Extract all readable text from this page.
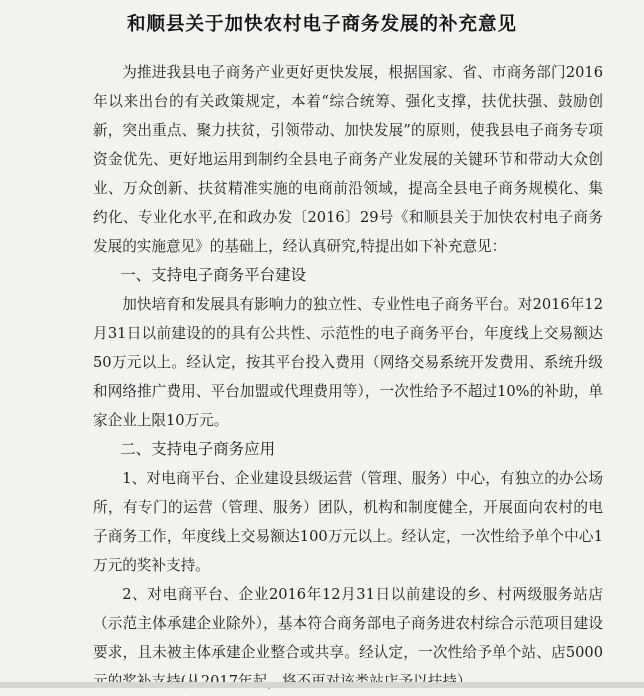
和顺县关于加快农村电子商务发展的补充意见

为推进我县电子商务产业更好更快发展，根据国家、省、市商务部门2016年以来出台的有关政策规定，本着“综合统筹、强化支撑，扶优扶强、鼓励创新，突出重点、聚力扶贫，引领带动、加快发展”的原则，使我县电子商务专项资金优先、更好地运用到制约全县电子商务产业发展的关键环节和带动大众创业、万众创新、扶贫精准实施的电商前沿领域，提高全县电子商务规模化、集约化、专业化水平,在和政办发〔2016〕29号《和顺县关于加快农村电子商务发展的实施意见》的基础上，经认真研究,特提出如下补充意见：

一、支持电子商务平台建设

加快培育和发展具有影响力的独立性、专业性电子商务平台。对2016年12月31日以前建设的的具有公共性、示范性的电子商务平台，年度线上交易额达50万元以上。经认定，按其平台投入费用（网络交易系统开发费用、系统升级和网络推广费用、平台加盟或代理费用等），一次性给予不超过10%的补助，单家企业上限10万元。

二、支持电子商务应用

1、对电商平台、企业建设县级运营（管理、服务）中心，有独立的办公场所，有专门的运营（管理、服务）团队，机构和制度健全，开展面向农村的电子商务工作，年度线上交易额达100万元以上。经认定，一次性给予单个中心1万元的奖补支持。

2、对电商平台、企业2016年12月31日以前建设的乡、村两级服务站店（示范主体承建企业除外），基本符合商务部电子商务进农村综合示范项目建设要求，且未被主体承建企业整合或共享。经认定，一次性给予单个站、店5000
